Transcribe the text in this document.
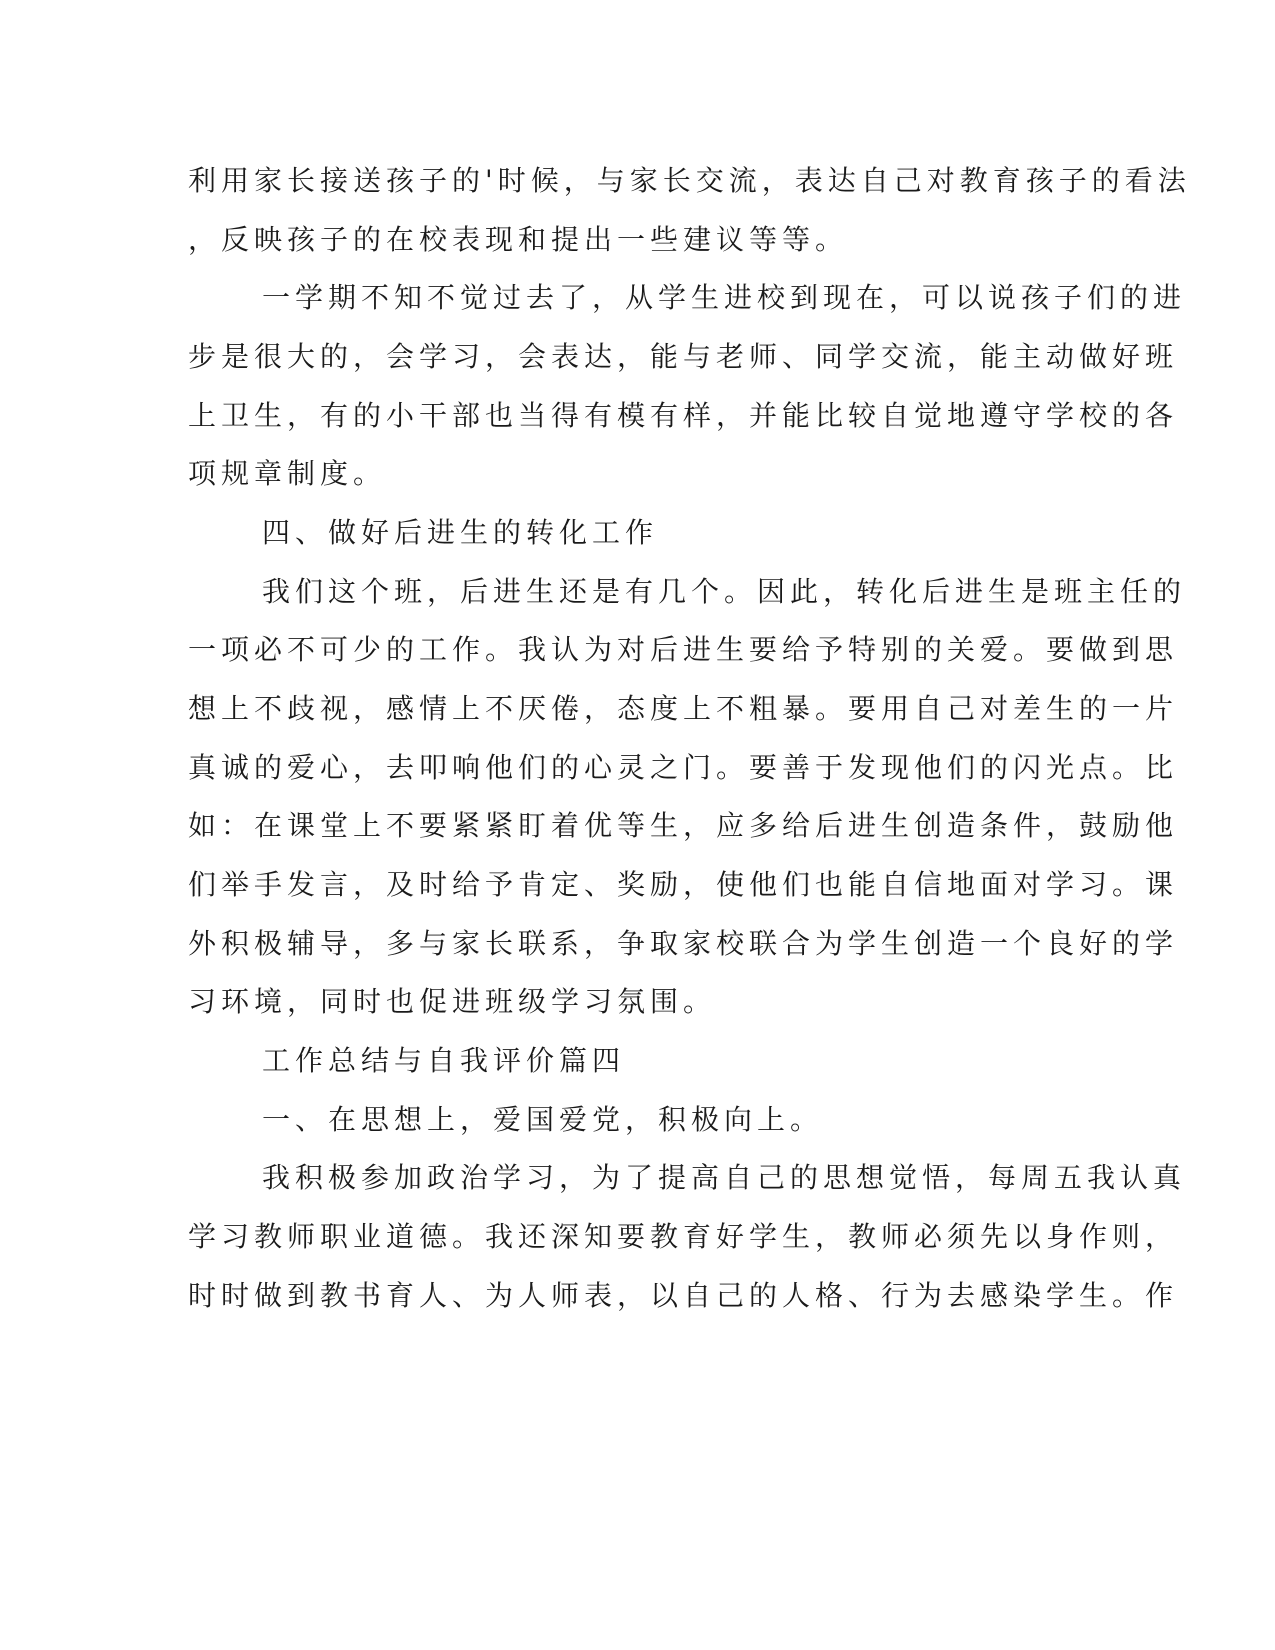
利用家长接送孩子的'时候，与家长交流，表达自己对教育孩子的看法

，反映孩子的在校表现和提出一些建议等等。

一学期不知不觉过去了，从学生进校到现在，可以说孩子们的进

步是很大的，会学习，会表达，能与老师、同学交流，能主动做好班

上卫生，有的小干部也当得有模有样，并能比较自觉地遵守学校的各

项规章制度。

四、做好后进生的转化工作

我们这个班，后进生还是有几个。因此，转化后进生是班主任的

一项必不可少的工作。我认为对后进生要给予特别的关爱。要做到思

想上不歧视，感情上不厌倦，态度上不粗暴。要用自己对差生的一片

真诚的爱心，去叩响他们的心灵之门。要善于发现他们的闪光点。比

如：在课堂上不要紧紧盯着优等生，应多给后进生创造条件，鼓励他

们举手发言，及时给予肯定、奖励，使他们也能自信地面对学习。课

外积极辅导，多与家长联系，争取家校联合为学生创造一个良好的学

习环境，同时也促进班级学习氛围。

工作总结与自我评价篇四

一、在思想上，爱国爱党，积极向上。

我积极参加政治学习，为了提高自己的思想觉悟，每周五我认真

学习教师职业道德。我还深知要教育好学生，教师必须先以身作则，

时时做到教书育人、为人师表，以自己的人格、行为去感染学生。作
